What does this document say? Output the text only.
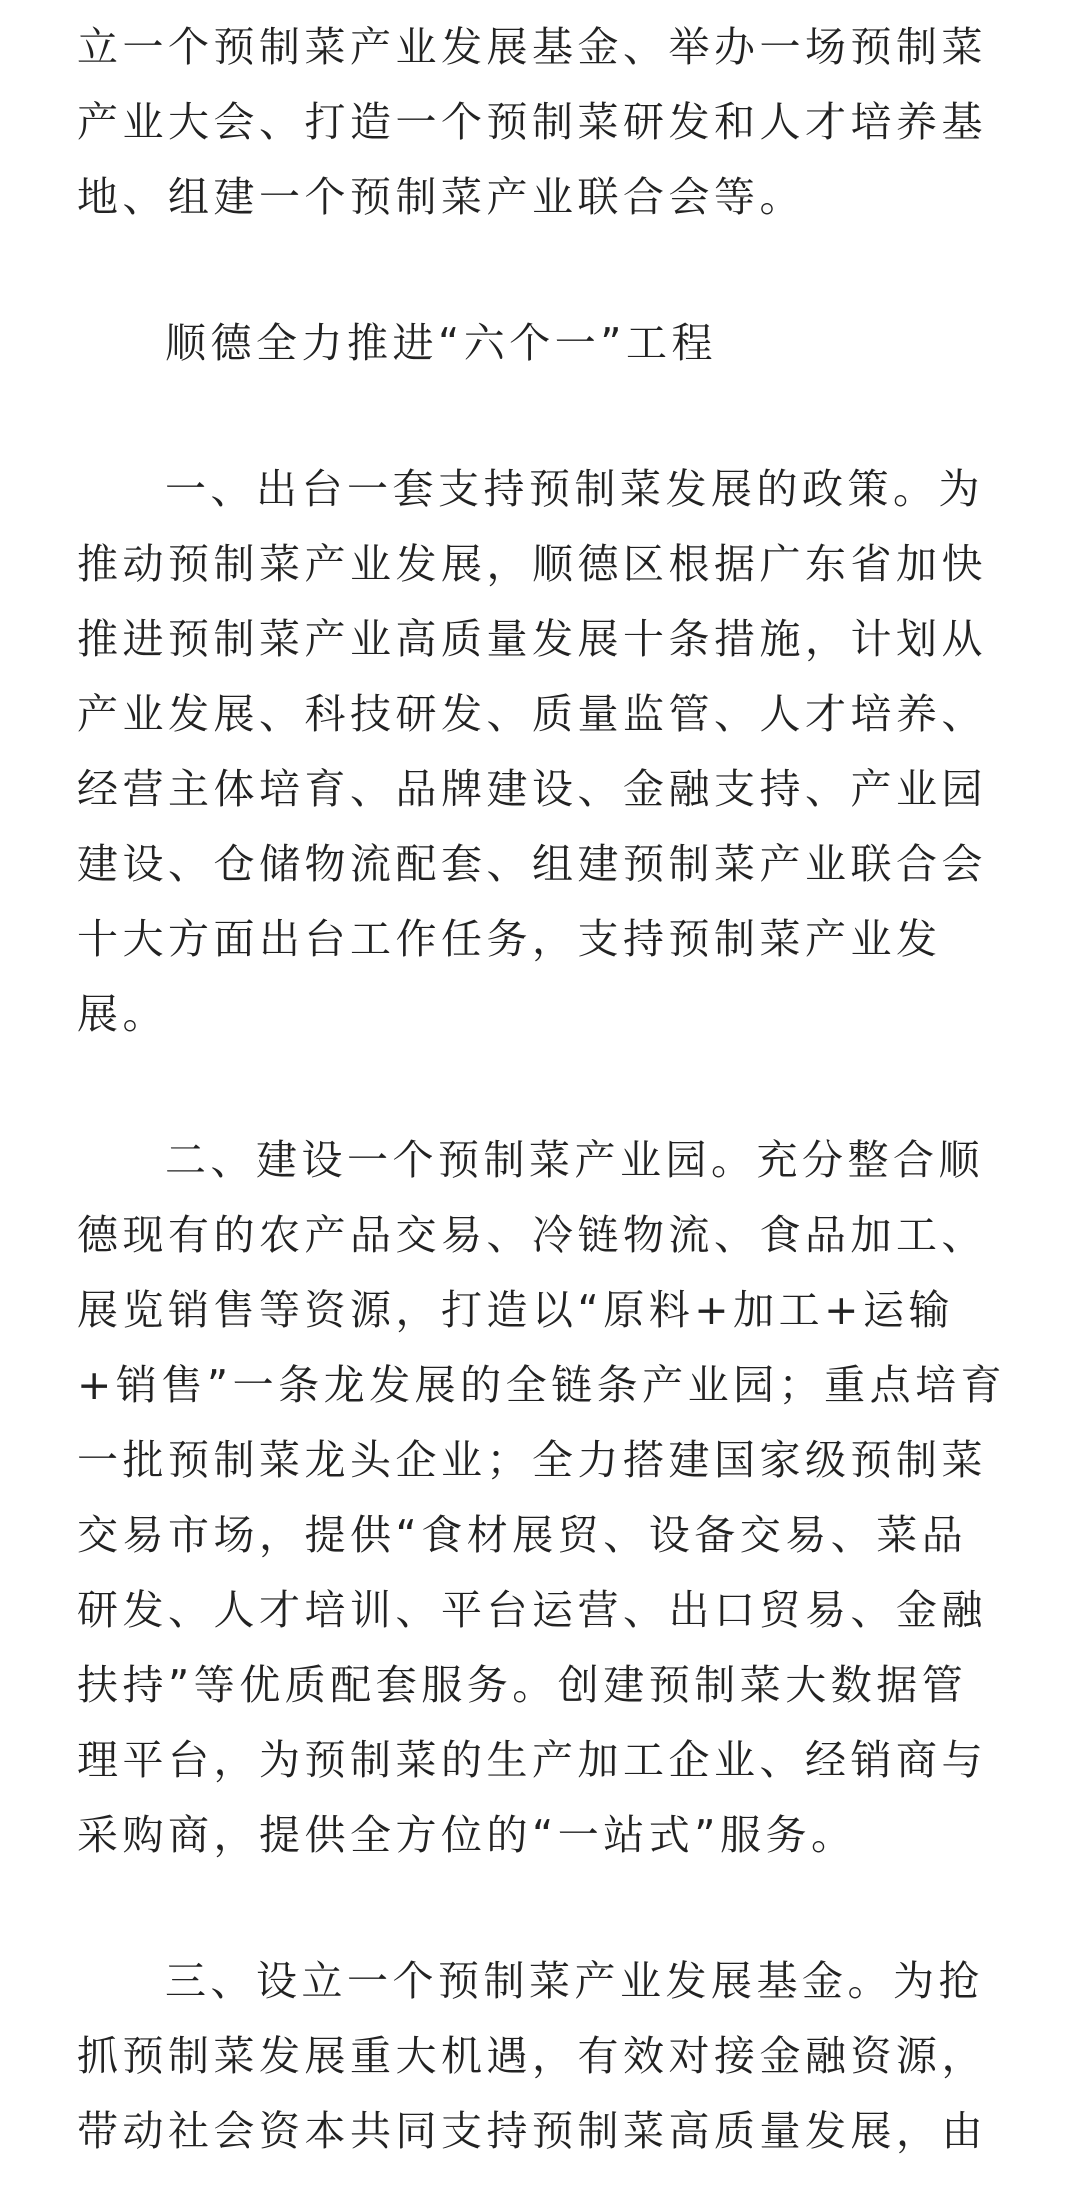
立一个预制菜产业发展基金、举办一场预制菜
产业大会、打造一个预制菜研发和人才培养基
地、组建一个预制菜产业联合会等。
顺德全力推进“六个一”工程
一、出台一套支持预制菜发展的政策。为
推动预制菜产业发展，顺德区根据广东省加快
推进预制菜产业高质量发展十条措施，计划从
产业发展、科技研发、质量监管、人才培养、
经营主体培育、品牌建设、金融支持、产业园
建设、仓储物流配套、组建预制菜产业联合会
十大方面出台工作任务，支持预制菜产业发
展。
二、建设一个预制菜产业园。充分整合顺
德现有的农产品交易、冷链物流、食品加工、
展览销售等资源，打造以“原料+加工+运输
+销售”一条龙发展的全链条产业园；重点培育
一批预制菜龙头企业；全力搭建国家级预制菜
交易市场，提供“食材展贸、设备交易、菜品
研发、人才培训、平台运营、出口贸易、金融
扶持”等优质配套服务。创建预制菜大数据管
理平台，为预制菜的生产加工企业、经销商与
采购商，提供全方位的“一站式”服务。
三、设立一个预制菜产业发展基金。为抢
抓预制菜发展重大机遇，有效对接金融资源，
带动社会资本共同支持预制菜高质量发展，由
